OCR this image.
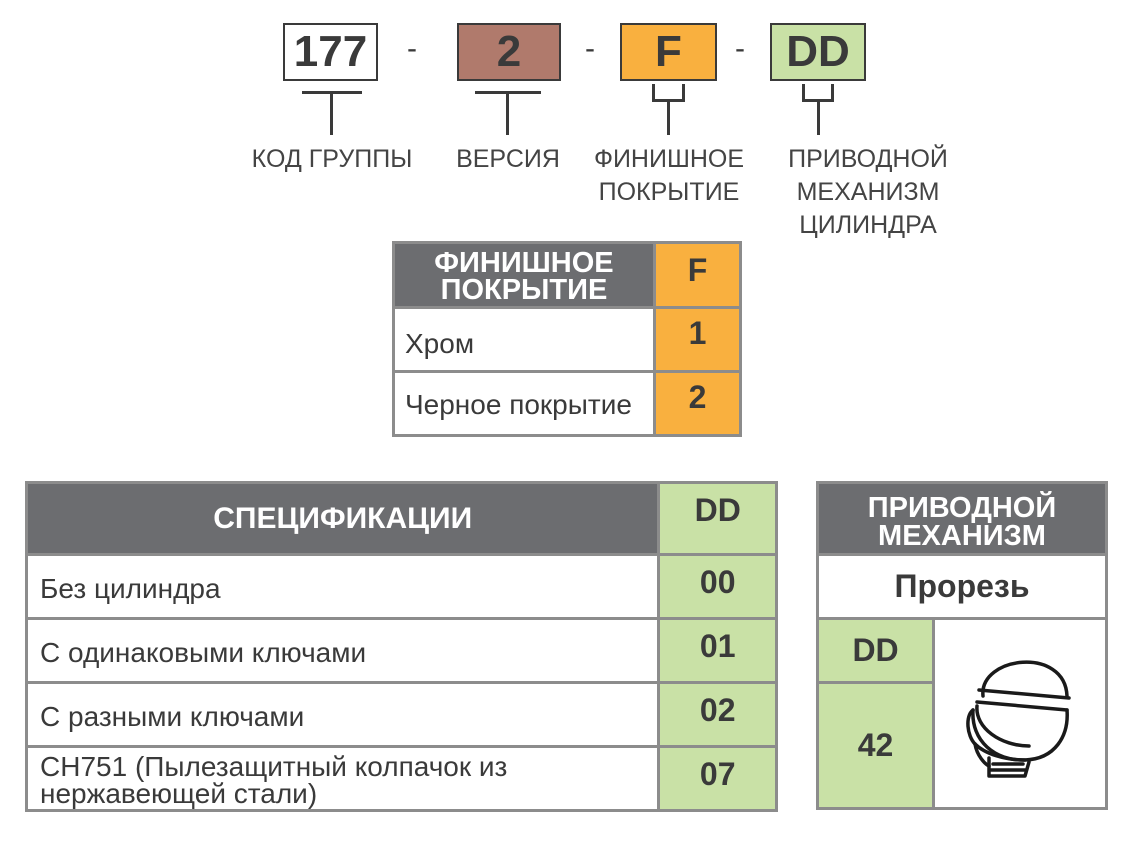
177	-	2	-	F	- DD
КОД ГРУППЫ	ВЕРСИЯ	ФИНИШНОЕ
ПОКРЫТИЕ
ПРИВОДНОЙ
МЕХАНИЗМ
ЦИЛИНДРА
ФИНИШНОЕ ПОКРЫТИЕ	F
Хром	1
Черное покрытие	2
СПЕЦИФИКАЦИИ	DD
Без цилиндра	00
С одинаковыми ключами	01
С разными ключами	02
CH751 (Пылезащитный колпачок из нержавеющей стали)	07
ПРИВОДНОЙ МЕХАНИЗМ
Прорезь
DD	
42
